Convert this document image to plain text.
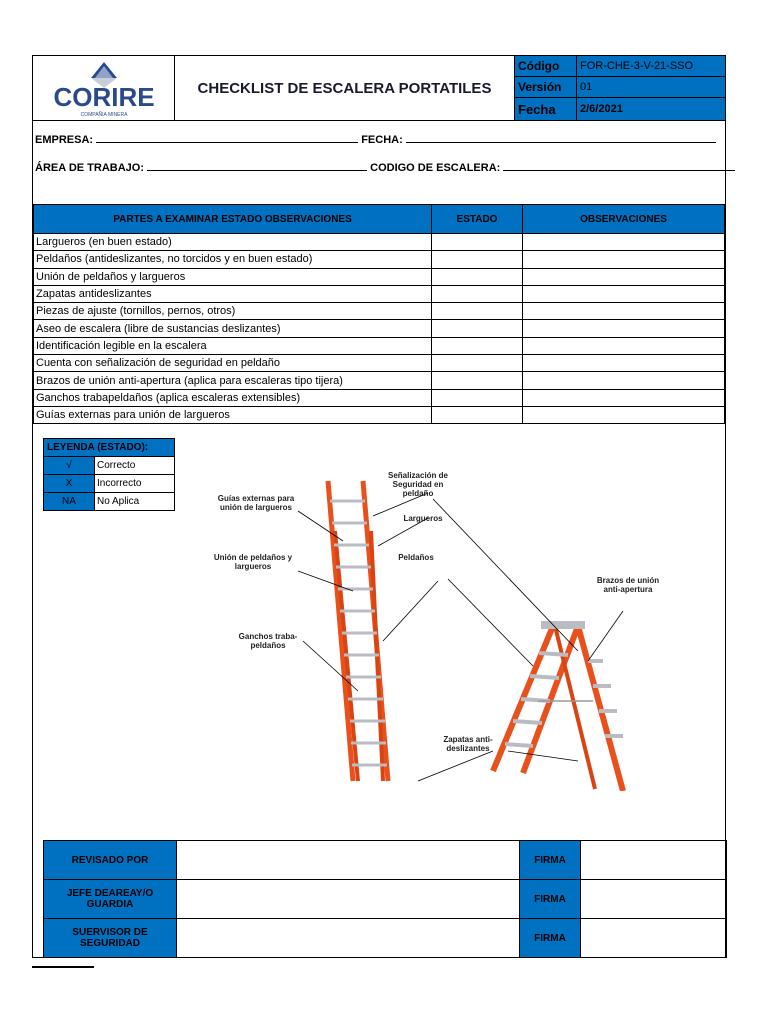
CORIRE
COMPAÑIA MINERA
CHECKLIST DE ESCALERA PORTATILES
Código	FOR-CHE-3-V-21-SSO
Versión	01
Fecha	2/6/2021
EMPRESA:	FECHA:
ÁREA DE TRABAJO:	CODIGO DE ESCALERA:
PARTES A EXAMINAR ESTADO OBSERVACIONES	ESTADO	OBSERVACIONES
Largueros (en buen estado)		
Peldaños (antideslizantes, no torcidos y en buen estado)		
Unión de peldaños y largueros		
Zapatas antideslizantes		
Piezas de ajuste (tornillos, pernos, otros)		
Aseo de escalera (libre de sustancias deslizantes)		
Identificación legible en la escalera		
Cuenta con señalización de seguridad en peldaño		
Brazos de unión anti-apertura (aplica para escaleras tipo tijera)		
Ganchos trabapeldaños (aplica escaleras extensibles)		
Guías externas para unión de largueros		
LEYENDA (ESTADO):
√	Correcto
X	Incorrecto
NA	No Aplica
Señalización de Seguridad en peldaño
Guías externas para unión de largueros
Largueros
Unión de peldaños y largueros
Peldaños
Brazos de unión anti-apertura
Ganchos traba-peldaños
Zapatas anti-deslizantes
REVISADO POR		FIRMA	
JEFE DEAREAY/O GUARDIA		FIRMA	
SUERVISOR DE SEGURIDAD		FIRMA	
